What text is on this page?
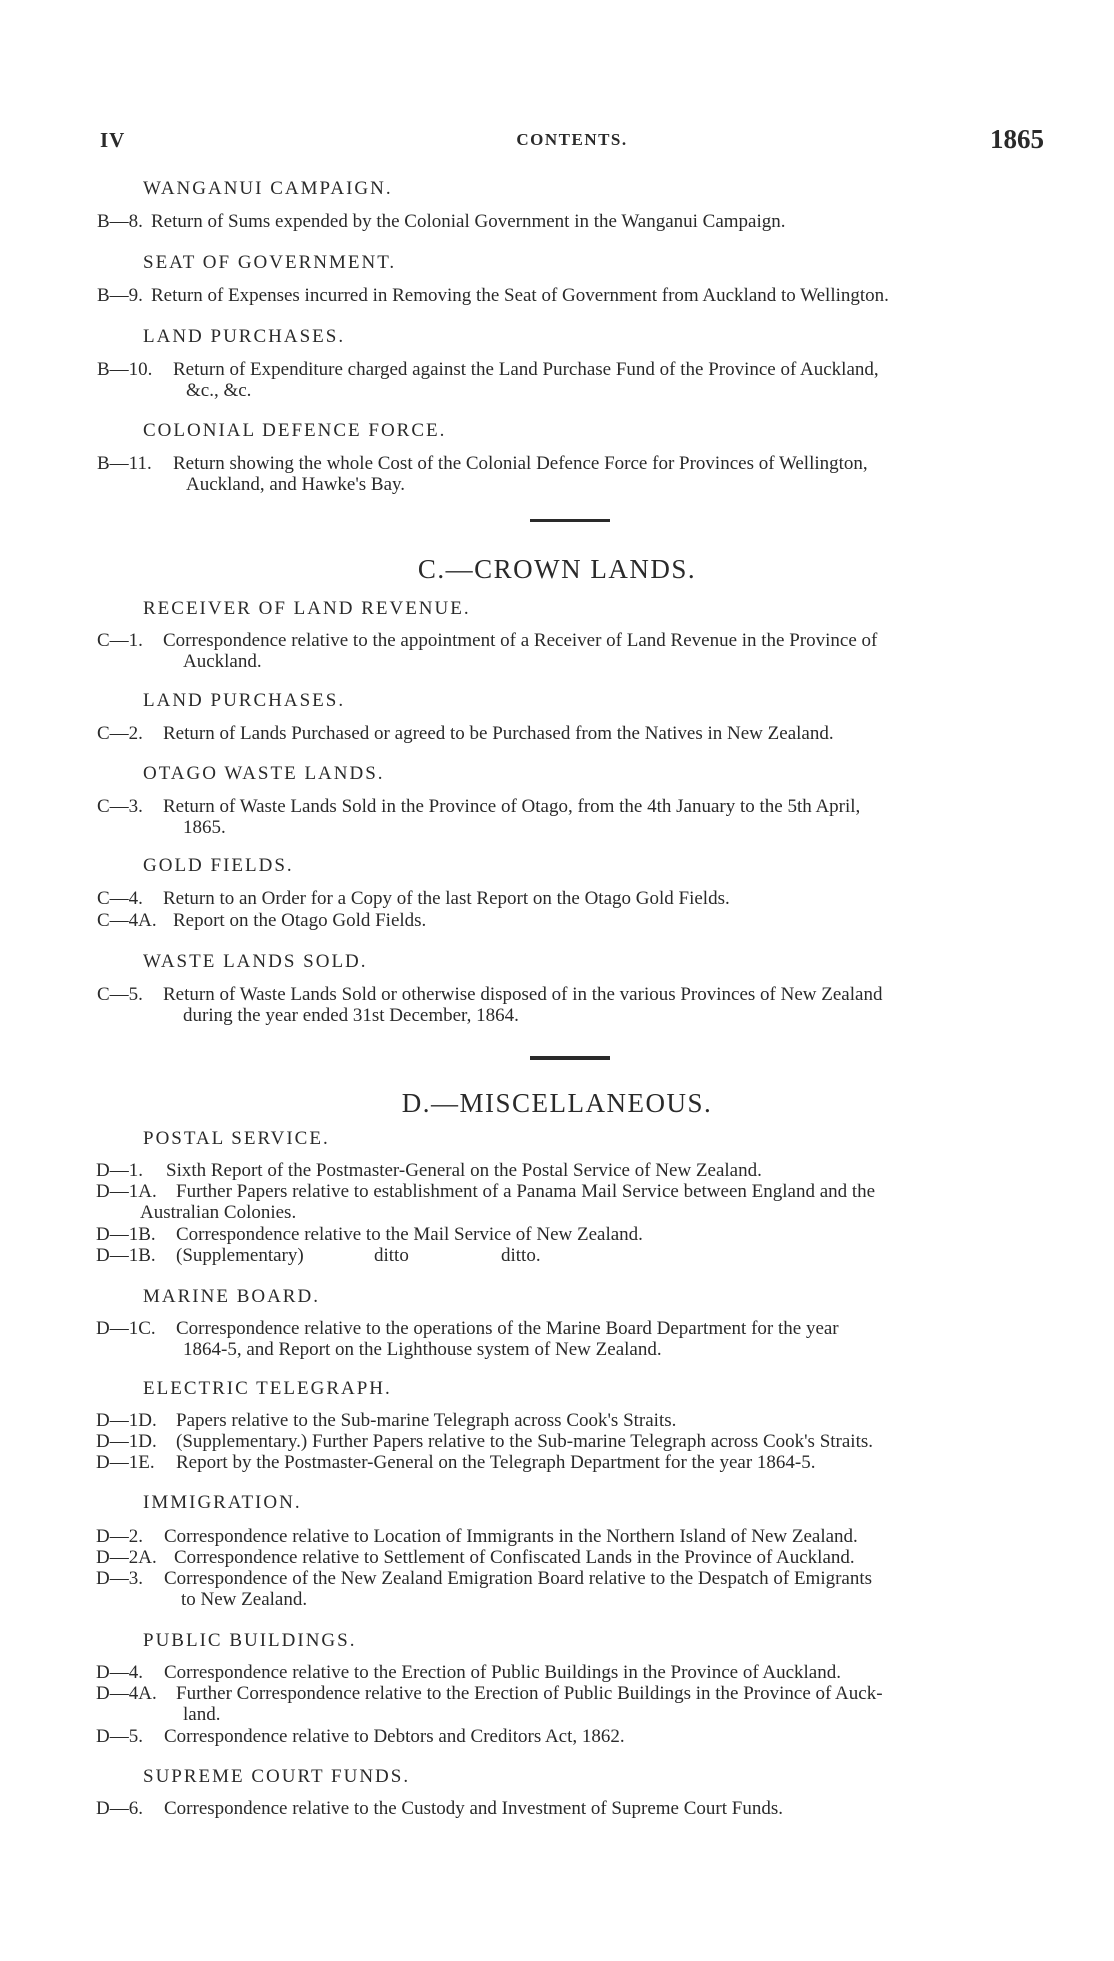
IV	CONTENTS.	1865
WANGANUI CAMPAIGN.
B—8. Return of Sums expended by the Colonial Government in the Wanganui Campaign.
SEAT OF GOVERNMENT.
B—9. Return of Expenses incurred in Removing the Seat of Government from Auckland to Wellington.
LAND PURCHASES.
B—10.	Return of Expenditure charged against the Land Purchase Fund of the Province of Auckland,
&c., &c.
COLONIAL DEFENCE FORCE.
B—11.	Return showing the whole Cost of the Colonial Defence Force for Provinces of Wellington,
Auckland, and Hawke's Bay.
C.—CROWN LANDS.
RECEIVER OF LAND REVENUE.
C—1.	Correspondence relative to the appointment of a Receiver of Land Revenue in the Province of
Auckland.
LAND PURCHASES.
C—2.	Return of Lands Purchased or agreed to be Purchased from the Natives in New Zealand.
OTAGO WASTE LANDS.
C—3.	Return of Waste Lands Sold in the Province of Otago, from the 4th January to the 5th April,
1865.
GOLD FIELDS.
C—4.	Return to an Order for a Copy of the last Report on the Otago Gold Fields.
C—4A. Report on the Otago Gold Fields.
WASTE LANDS SOLD.
C—5.	Return of Waste Lands Sold or otherwise disposed of in the various Provinces of New Zealand
during the year ended 31st December, 1864.
D.—MISCELLANEOUS.
POSTAL SERVICE.
D—1.	Sixth Report of the Postmaster-General on the Postal Service of New Zealand.
D—1A.	Further Papers relative to establishment of a Panama Mail Service between England and the
Australian Colonies.
D—1B.	Correspondence relative to the Mail Service of New Zealand.
D—1B.	(Supplementary)	ditto	ditto.
MARINE BOARD.
D—1C.	Correspondence relative to the operations of the Marine Board Department for the year
1864-5, and Report on the Lighthouse system of New Zealand.
ELECTRIC TELEGRAPH.
D—1D.	Papers relative to the Sub-marine Telegraph across Cook's Straits.
D—1D.	(Supplementary.) Further Papers relative to the Sub-marine Telegraph across Cook's Straits.
D—1E.	Report by the Postmaster-General on the Telegraph Department for the year 1864-5.
IMMIGRATION.
D—2.	Correspondence relative to Location of Immigrants in the Northern Island of New Zealand.
D—2A. Correspondence relative to Settlement of Confiscated Lands in the Province of Auckland.
D—3.	Correspondence of the New Zealand Emigration Board relative to the Despatch of Emigrants
to New Zealand.
PUBLIC BUILDINGS.
D—4.	Correspondence relative to the Erection of Public Buildings in the Province of Auckland.
D—4A.	Further Correspondence relative to the Erection of Public Buildings in the Province of Auck-
land.
D—5.	Correspondence relative to Debtors and Creditors Act, 1862.
SUPREME COURT FUNDS.
D—6.	Correspondence relative to the Custody and Investment of Supreme Court Funds.
